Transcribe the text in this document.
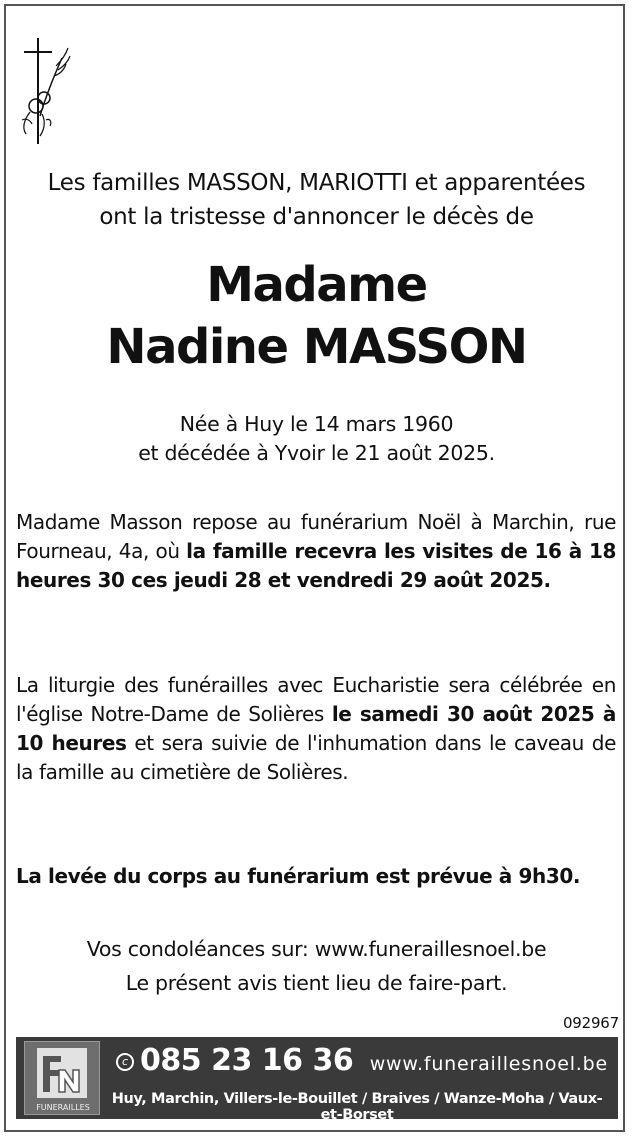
Les familles MASSON, MARIOTTI et apparentées
ont la tristesse d'annoncer le décès de
Madame
Nadine MASSON
Née à Huy le 14 mars 1960
et décédée à Yvoir le 21 août 2025.
Madame Masson repose au funérarium Noël à Marchin, rue Fourneau, 4a, où la famille recevra les visites de 16 à 18 heures 30 ces jeudi 28 et vendredi 29 août 2025.
La liturgie des funérailles avec Eucharistie sera célébrée en l'église Notre-Dame de Solières le samedi 30 août 2025 à 10 heures et sera suivie de l'inhumation dans le caveau de la famille au cimetière de Solières.
La levée du corps au funérarium est prévue à 9h30.
Vos condoléances sur: www.funeraillesnoel.be
Le présent avis tient lieu de faire-part.
092967
FUNERAILLES
c 085 23 16 36 www.funeraillesnoel.be
Huy, Marchin, Villers-le-Bouillet / Braives / Wanze-Moha / Vaux-et-Borset
